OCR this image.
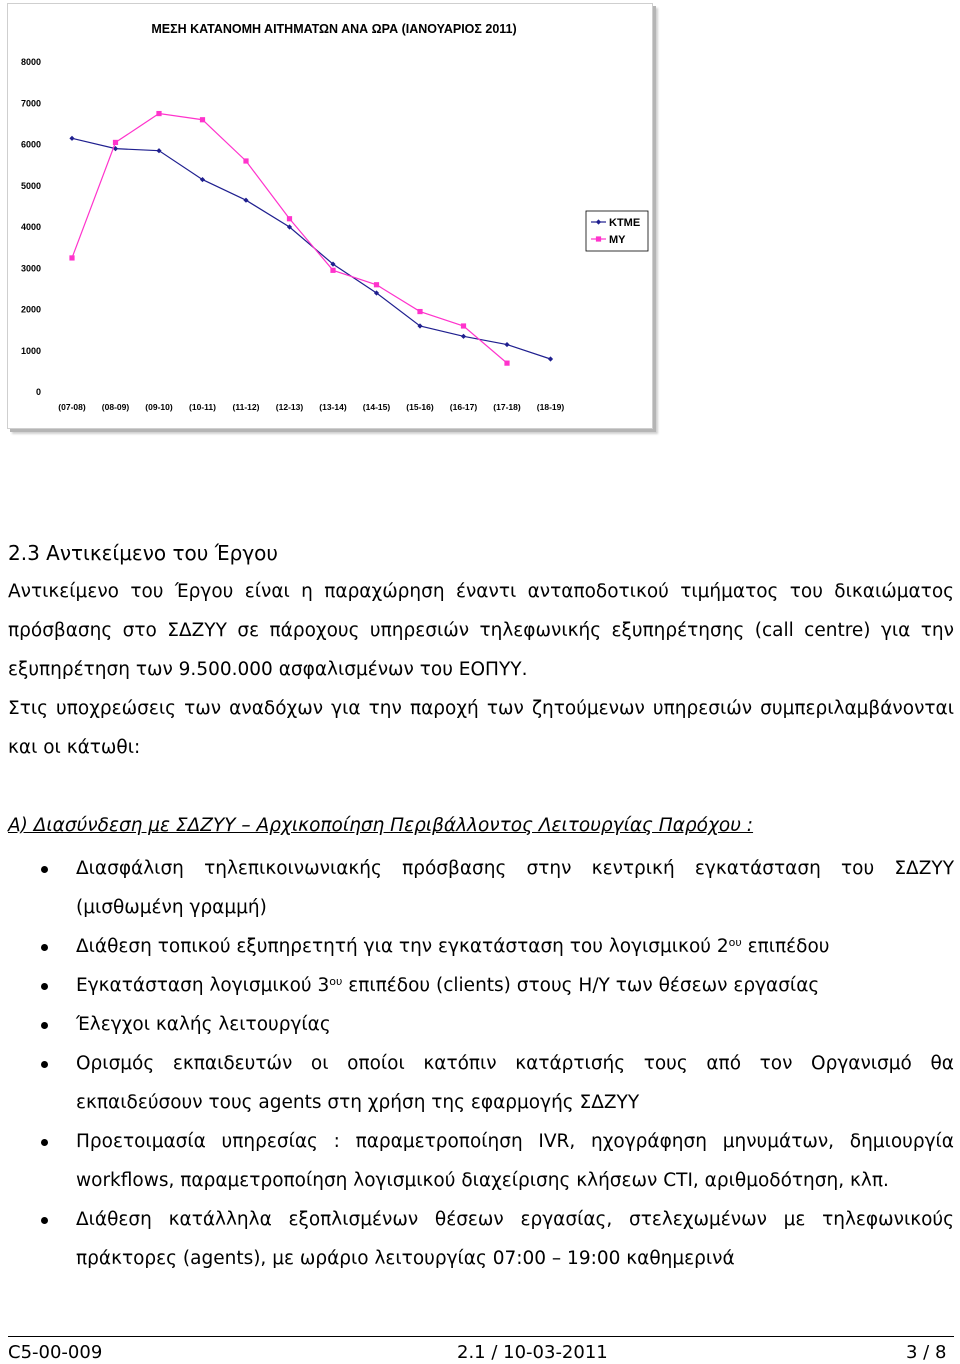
ΜΕΣΗ ΚΑΤΑΝΟΜΗ ΑΙΤΗΜΑΤΩΝ ΑΝΑ ΩΡΑ (ΙΑΝΟΥΑΡΙΟΣ 2011)
0
1000
2000
3000
4000
5000
6000
7000
8000
(07-08) (08-09) (09-10) (10-11) (11-12) (12-13) (13-14) (14-15) (15-16) (16-17) (17-18) (18-19)
ΚΤΜΕ
ΜΥ
2.3 Αντικείμενο του Έργου
Αντικείμενο του Έργου είναι η παραχώρηση έναντι ανταποδοτικού τιμήματος του δικαιώματος
πρόσβασης στο ΣΔΖΥΥ σε πάροχους υπηρεσιών τηλεφωνικής εξυπηρέτησης (call centre) για την
εξυπηρέτηση των 9.500.000 ασφαλισμένων του ΕΟΠΥΥ.
Στις υποχρεώσεις των αναδόχων για την παροχή των ζητούμενων υπηρεσιών συμπεριλαμβάνονται
και οι κάτωθι:
Α) Διασύνδεση με ΣΔΖΥΥ – Αρχικοποίηση Περιβάλλοντος Λειτουργίας Παρόχου :
Διασφάλιση τηλεπικοινωνιακής πρόσβασης στην κεντρική εγκατάσταση του ΣΔΖΥΥ
(μισθωμένη γραμμή)
Διάθεση τοπικού εξυπηρετητή για την εγκατάσταση του λογισμικού $2^{o\upsilon}$ επιπέδου
Εγκατάσταση λογισμικού $3^{o\upsilon}$ επιπέδου (clients) στους Η/Υ των θέσεων εργασίας
Έλεγχοι καλής λειτουργίας
Ορισμός εκπαιδευτών οι οποίοι κατόπιν κατάρτισής τους από τον Οργανισμό θα
εκπαιδεύσουν τους agents στη χρήση της εφαρμογής ΣΔΖΥΥ
Προετοιμασία υπηρεσίας : παραμετροποίηση IVR, ηχογράφηση μηνυμάτων, δημιουργία
workflows, παραμετροποίηση λογισμικού διαχείρισης κλήσεων CTI, αριθμοδότηση, κλπ.
Διάθεση κατάλληλα εξοπλισμένων θέσεων εργασίας, στελεχωμένων με τηλεφωνικούς
πράκτορες (agents), με ωράριο λειτουργίας 07:00 – 19:00 καθημερινά
C5-00-009	2.1 / 10-03-2011	3 / 8
